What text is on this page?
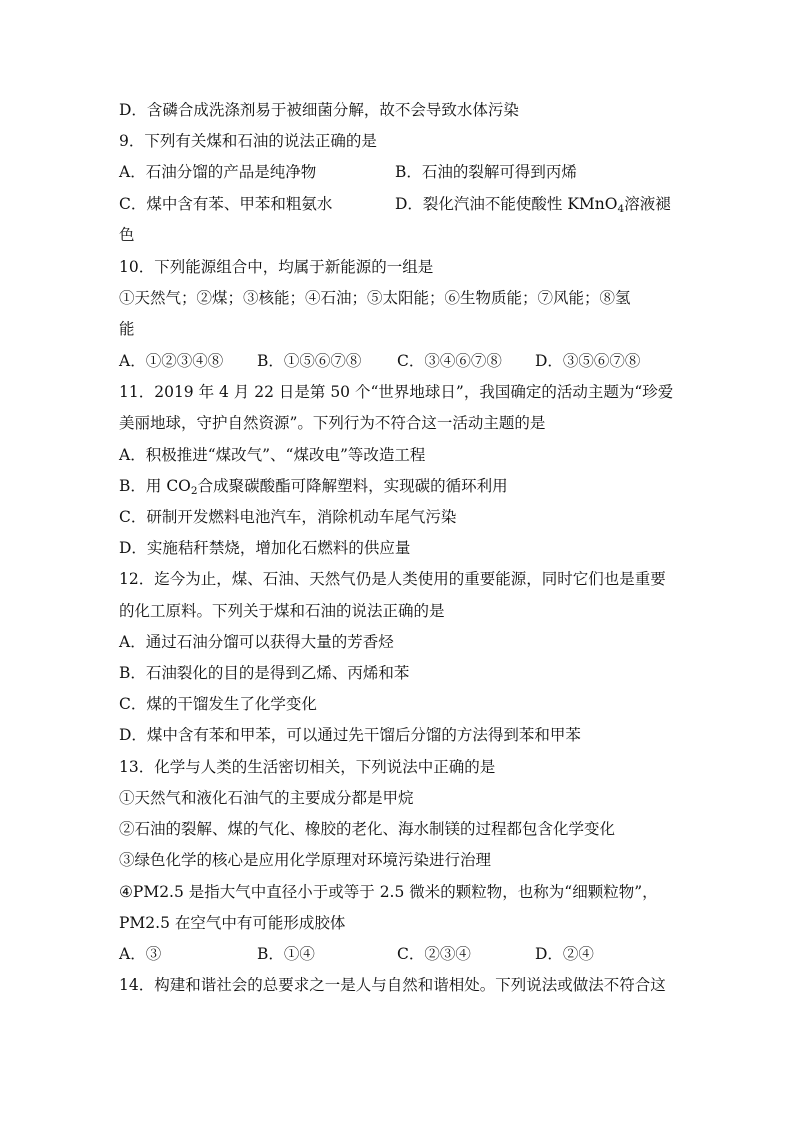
D．含磷合成洗涤剂易于被细菌分解，故不会导致水体污染
9．下列有关煤和石油的说法正确的是
A．石油分馏的产品是纯净物	B．石油的裂解可得到丙烯
C．煤中含有苯、甲苯和粗氨水	D．裂化汽油不能使酸性 KMnO$_4$溶液褪
色
10．下列能源组合中，均属于新能源的一组是
①天然气；②煤；③核能；④石油；⑤太阳能；⑥生物质能；⑦风能；⑧氢
能
A．①②③④⑧ B．①⑤⑥⑦⑧ C．③④⑥⑦⑧ D．③⑤⑥⑦⑧
11．2019 年 4 月 22 日是第 50 个“世界地球日”，我国确定的活动主题为“珍爱
美丽地球，守护自然资源”。下列行为不符合这一活动主题的是
A．积极推进“煤改气”、“煤改电”等改造工程
B．用 $CO_2$合成聚碳酸酯可降解塑料，实现碳的循环利用
C．研制开发燃料电池汽车，消除机动车尾气污染
D．实施秸秆禁烧，增加化石燃料的供应量
12．迄今为止，煤、石油、天然气仍是人类使用的重要能源，同时它们也是重要
的化工原料。下列关于煤和石油的说法正确的是
A．通过石油分馏可以获得大量的芳香烃
B．石油裂化的目的是得到乙烯、丙烯和苯
C．煤的干馏发生了化学变化
D．煤中含有苯和甲苯，可以通过先干馏后分馏的方法得到苯和甲苯
13．化学与人类的生活密切相关，下列说法中正确的是
①天然气和液化石油气的主要成分都是甲烷
②石油的裂解、煤的气化、橡胶的老化、海水制镁的过程都包含化学变化
③绿色化学的核心是应用化学原理对环境污染进行治理
④PM2.5 是指大气中直径小于或等于 2.5 微米的颗粒物，也称为“细颗粒物”，
PM2.5 在空气中有可能形成胶体
A．③	B．①④	C．②③④	D．②④
14．构建和谐社会的总要求之一是人与自然和谐相处。下列说法或做法不符合这
